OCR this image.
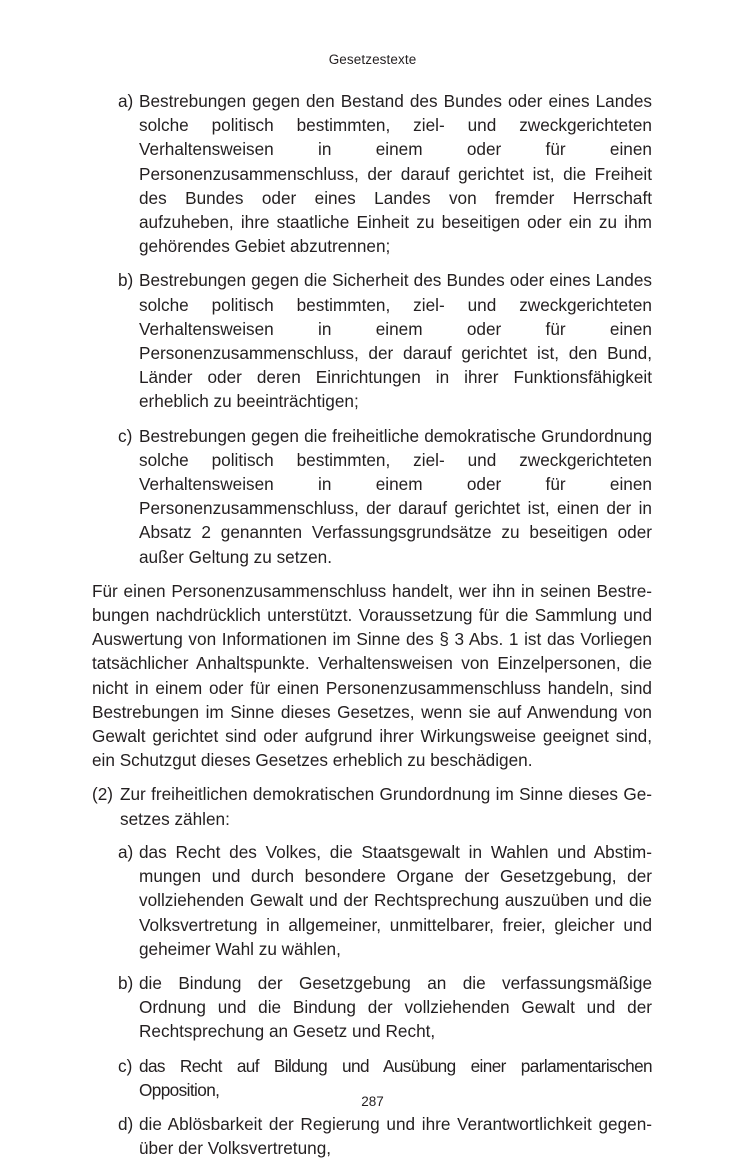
Gesetzestexte
a) Bestrebungen gegen den Bestand des Bundes oder eines Landes solche politisch bestimmten, ziel- und zweckgerichteten Verhaltensweisen in einem oder für einen Personenzusammenschluss, der darauf gerichtet ist, die Freiheit des Bundes oder eines Landes von fremder Herrschaft aufzuheben, ihre staatliche Einheit zu beseitigen oder ein zu ihm gehörendes Gebiet abzutrennen;
b) Bestrebungen gegen die Sicherheit des Bundes oder eines Landes solche politisch bestimmten, ziel- und zweckgerichteten Verhaltensweisen in einem oder für einen Personenzusammenschluss, der darauf gerichtet ist, den Bund, Länder oder deren Einrichtungen in ihrer Funktionsfähigkeit erheblich zu beeinträchtigen;
c) Bestrebungen gegen die freiheitliche demokratische Grundordnung solche politisch bestimmten, ziel- und zweckgerichteten Verhaltensweisen in einem oder für einen Personenzusammenschluss, der darauf gerichtet ist, einen der in Absatz 2 genannten Verfassungsgrundsätze zu beseitigen oder außer Geltung zu setzen.

Für einen Personenzusammenschluss handelt, wer ihn in seinen Bestrebungen nachdrücklich unterstützt. Voraussetzung für die Sammlung und Auswertung von Informationen im Sinne des § 3 Abs. 1 ist das Vorliegen tatsächlicher Anhaltspunkte. Verhaltensweisen von Einzelpersonen, die nicht in einem oder für einen Personenzusammenschluss handeln, sind Bestrebungen im Sinne dieses Gesetzes, wenn sie auf Anwendung von Gewalt gerichtet sind oder aufgrund ihrer Wirkungsweise geeignet sind, ein Schutzgut dieses Gesetzes erheblich zu beschädigen.

(2) Zur freiheitlichen demokratischen Grundordnung im Sinne dieses Gesetzes zählen:
a) das Recht des Volkes, die Staatsgewalt in Wahlen und Abstimmungen und durch besondere Organe der Gesetzgebung, der vollziehenden Gewalt und der Rechtsprechung auszuüben und die Volksvertretung in allgemeiner, unmittelbarer, freier, gleicher und geheimer Wahl zu wählen,
b) die Bindung der Gesetzgebung an die verfassungsmäßige Ordnung und die Bindung der vollziehenden Gewalt und der Rechtsprechung an Gesetz und Recht,
c) das Recht auf Bildung und Ausübung einer parlamentarischen Opposition,
d) die Ablösbarkeit der Regierung und ihre Verantwortlichkeit gegenüber der Volksvertretung,
287
